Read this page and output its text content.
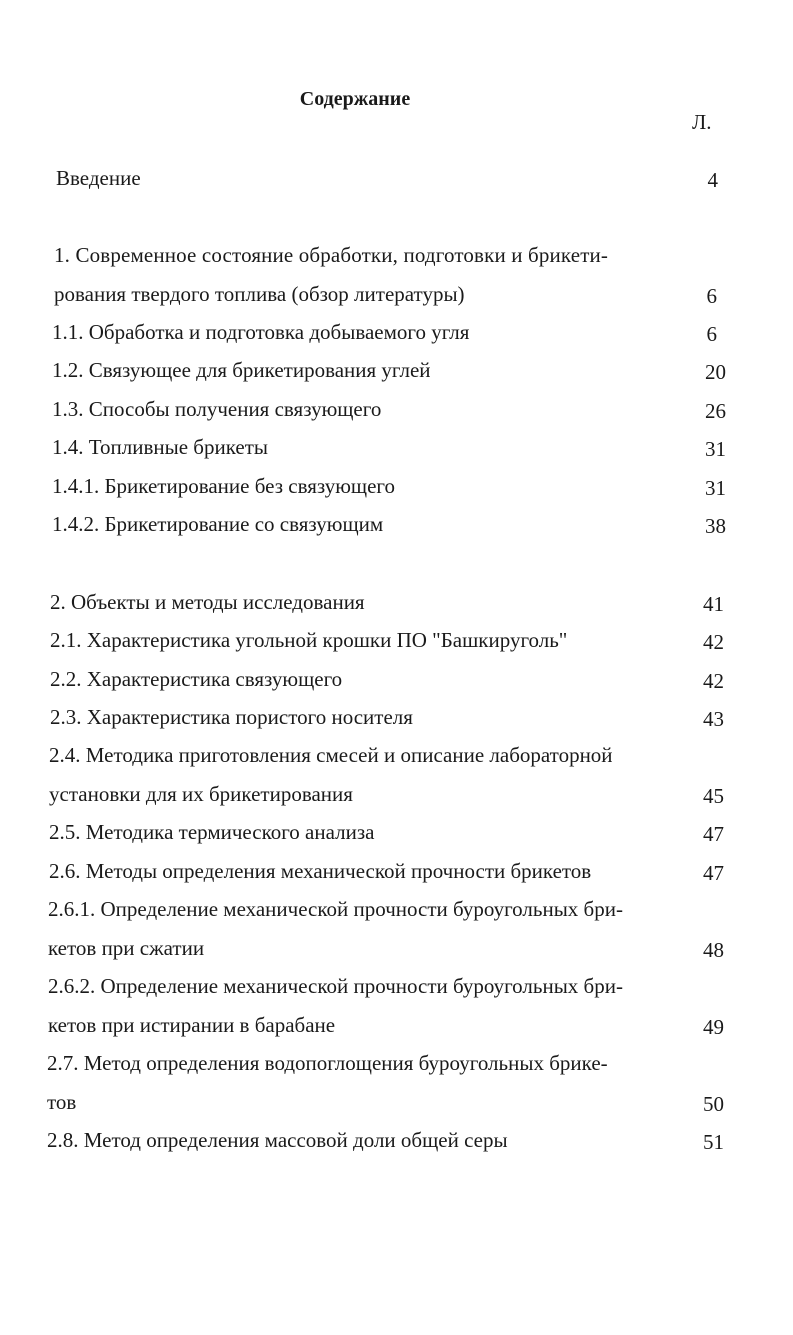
Содержание
Л.
Введение	4
1. Современное состояние обработки, подготовки и брикети-
рования твердого топлива (обзор литературы)	6
1.1. Обработка и подготовка добываемого угля	6
1.2. Связующее для брикетирования углей	20
1.3. Способы получения связующего	26
1.4. Топливные брикеты	31
1.4.1. Брикетирование без связующего	31
1.4.2. Брикетирование со связующим	38
2. Объекты и методы исследования	41
2.1. Характеристика угольной крошки ПО "Башкируголь"	42
2.2. Характеристика связующего	42
2.3. Характеристика пористого носителя	43
2.4. Методика приготовления смесей и описание лабораторной
установки для их брикетирования	45
2.5. Методика термического анализа	47
2.6. Методы определения механической прочности брикетов	47
2.6.1. Определение механической прочности буроугольных бри-
кетов при сжатии	48
2.6.2. Определение механической прочности буроугольных бри-
кетов при истирании в барабане	49
2.7. Метод определения водопоглощения буроугольных брике-
тов	50
2.8. Метод определения массовой доли общей серы	51
